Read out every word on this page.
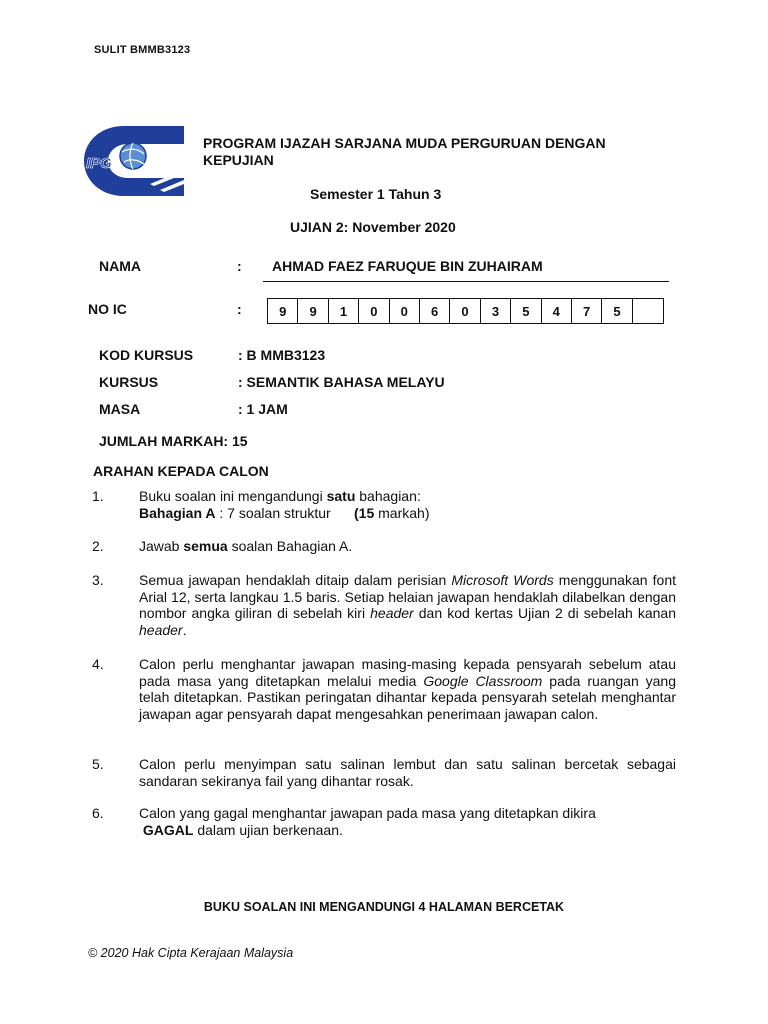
SULIT BMMB3123
IPG
PROGRAM IJAZAH SARJANA MUDA PERGURUAN DENGAN KEPUJIAN
Semester 1 Tahun 3
UJIAN 2: November 2020
NAMA	: AHMAD FAEZ FARUQUE BIN ZUHAIRAM
NO IC	:	9	9	1	0	0	6	0	3	5	4	7	5
KOD KURSUS	: B MMB3123
KURSUS	: SEMANTIK BAHASA MELAYU
MASA	: 1 JAM
JUMLAH MARKAH: 15
ARAHAN KEPADA CALON
1.	Buku soalan ini mengandungi satu bahagian:
Bahagian A : 7 soalan struktur      (15 markah)
2.	Jawab semua soalan Bahagian A.
3.	Semua jawapan hendaklah ditaip dalam perisian Microsoft Words menggunakan font Arial 12, serta langkau 1.5 baris. Setiap helaian jawapan hendaklah dilabelkan dengan nombor angka giliran di sebelah kiri header dan kod kertas Ujian 2 di sebelah kanan header.
4.	Calon perlu menghantar jawapan masing-masing kepada pensyarah sebelum atau pada masa yang ditetapkan melalui media Google Classroom pada ruangan yang telah ditetapkan. Pastikan peringatan dihantar kepada pensyarah setelah menghantar jawapan agar pensyarah dapat mengesahkan penerimaan jawapan calon.
5.	Calon perlu menyimpan satu salinan lembut dan satu salinan bercetak sebagai sandaran sekiranya fail yang dihantar rosak.
6.	Calon yang gagal menghantar jawapan pada masa yang ditetapkan dikira
GAGAL dalam ujian berkenaan.
BUKU SOALAN INI MENGANDUNGI 4 HALAMAN BERCETAK
© 2020 Hak Cipta Kerajaan Malaysia
